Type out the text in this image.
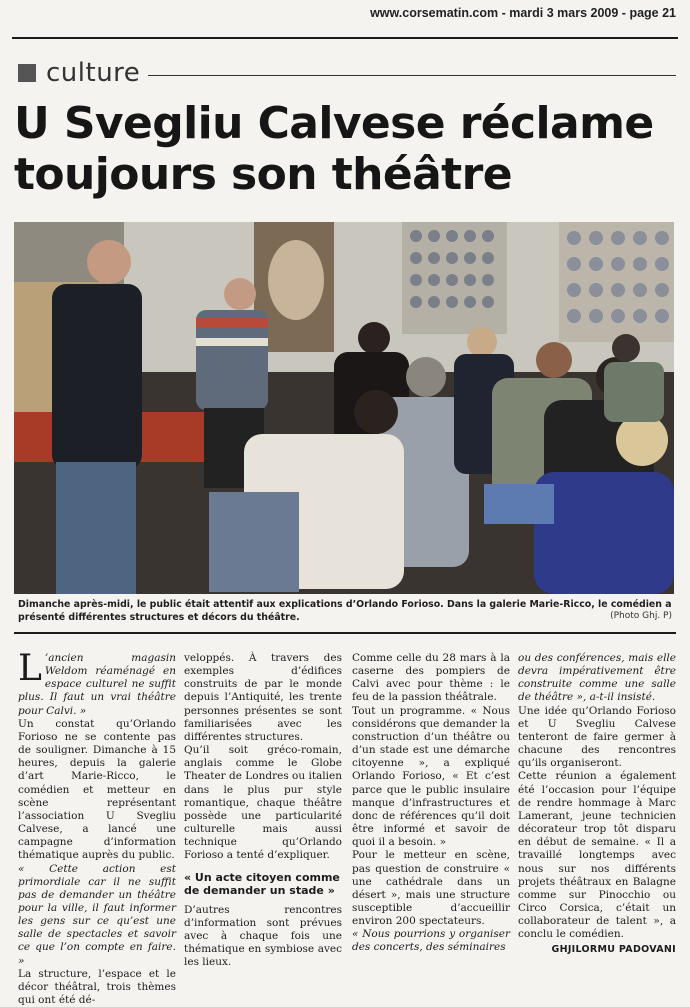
www.corsematin.com - mardi 3 mars 2009 - page 21
culture
U Svegliu Calvese réclame toujours son théâtre
Dimanche après-midi, le public était attentif aux explications d’Orlando Forioso. Dans la galerie Marie-Ricco, le comédien a présenté différentes structures et décors du théâtre.	(Photo Ghj. P)

L ’ancien magasin Weldom réaménagé en espace culturel ne suffit plus. Il faut un vrai théâtre pour Calvi. »

Un constat qu’Orlando Forioso ne se contente pas de souligner. Dimanche à 15 heures, depuis la galerie d’art Marie-Ricco, le comédien et metteur en scène représentant l’association U Svegliu Calvese, a lancé une campagne d’information thématique auprès du public.

« Cette action est primordiale car il ne suffit pas de demander un théâtre pour la ville, il faut informer les gens sur ce qu’est une salle de spectacles et savoir ce que l’on compte en faire. »

La structure, l’espace et le décor théâtral, trois thèmes qui ont été dé-

veloppés. À travers des exemples d’édifices construits de par le monde depuis l’Antiquité, les trente personnes présentes se sont familiarisées avec les différentes structures.

Qu’il soit gréco-romain, anglais comme le Globe Theater de Londres ou italien dans le plus pur style romantique, chaque théâtre possède une particularité culturelle mais aussi technique qu’Orlando Forioso a tenté d’expliquer.

« Un acte citoyen comme de demander un stade »

D’autres rencontres d’information sont prévues avec à chaque fois une thématique en symbiose avec les lieux.

Comme celle du 28 mars à la caserne des pompiers de Calvi avec pour thème : le feu de la passion théâtrale.

Tout un programme. « Nous considérons que demander la construction d’un théâtre ou d’un stade est une démarche citoyenne », a expliqué Orlando Forioso, « Et c’est parce que le public insulaire manque d’infrastructures et donc de références qu’il doit être informé et savoir de quoi il a besoin. »

Pour le metteur en scène, pas question de construire « une cathédrale dans un désert », mais une structure susceptible d’accueillir environ 200 spectateurs.

« Nous pourrions y organiser des concerts, des séminaires

ou des conférences, mais elle devra impérativement être construite comme une salle de théâtre », a-t-il insisté.

Une idée qu’Orlando Forioso et U Svegliu Calvese tenteront de faire germer à chacune des rencontres qu’ils organiseront.

Cette réunion a également été l’occasion pour l’équipe de rendre hommage à Marc Lamerant, jeune technicien décorateur trop tôt disparu en début de semaine. « Il a travaillé longtemps avec nous sur nos différents projets théâtraux en Balagne comme sur Pinocchio ou Circo Corsica, c’était un collaborateur de talent », a conclu le comédien.

GHJILORMU PADOVANI
